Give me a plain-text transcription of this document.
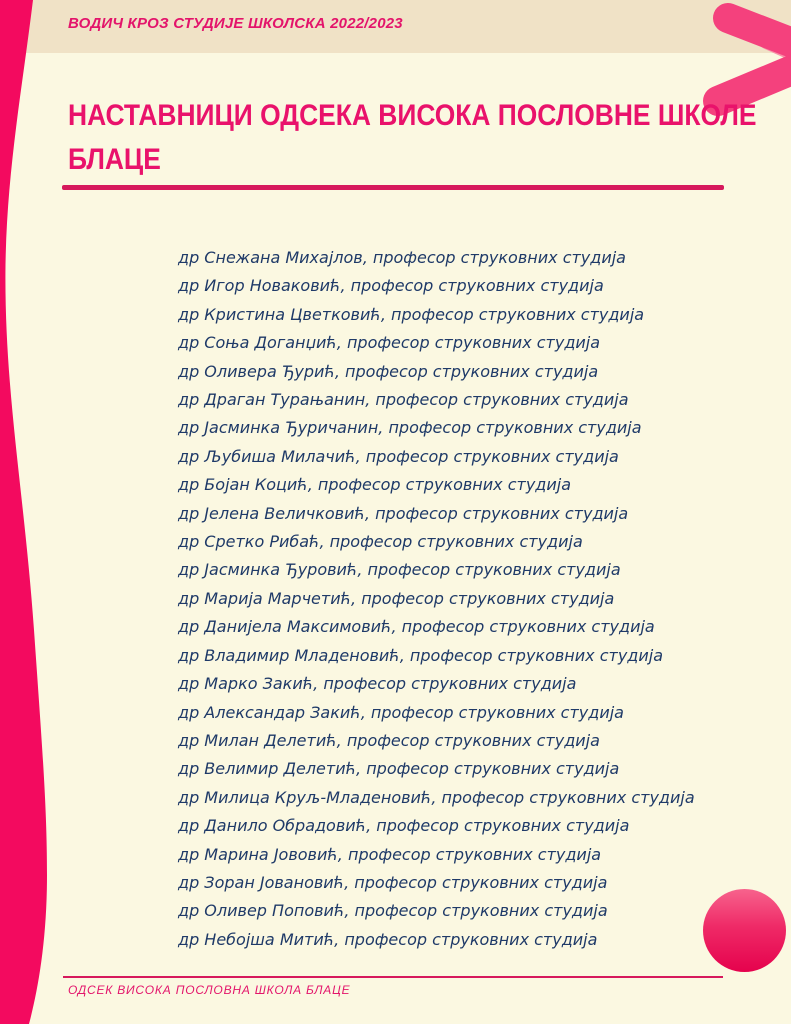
ВОДИЧ КРОЗ СТУДИЈЕ ШКОЛСКА 2022/2023
НАСТАВНИЦИ ОДСЕКА ВИСОКА ПОСЛОВНЕ ШКОЛЕ
БЛАЦЕ
др Снежана Михајлов, професор струковних студија
др Игор Новаковић, професор струковних студија
др Кристина Цветковић, професор струковних студија
др Соња Доганџић, професор струковних студија
др Оливера Ђурић, професор струковних студија
др Драган Турањанин, професор струковних студија
др Јасминка Ђуричанин, професор струковних студија
др Љубиша Милачић, професор струковних студија
др Бојан Коцић, професор струковних студија
др Јелена Величковић, професор струковних студија
др Сретко Рибаћ, професор струковних студија
др Јасминка Ђуровић, професор струковних студија
др Марија Марчетић, професор струковних студија
др Данијела Максимовић, професор струковних студија
др Владимир Младеновић, професор струковних студија
др Марко Закић, професор струковних студија
др Александар Закић, професор струковних студија
др Милан Делетић, професор струковних студија
др Велимир Делетић, професор струковних студија
др Милица Круљ-Младеновић, професор струковних студија
др Данило Обрадовић, професор струковних студија
др Марина Јововић, професор струковних студија
др Зоран Јовановић, професор струковних студија
др Оливер Поповић, професор струковних студија
др Небојша Митић, професор струковних студија
ОДСЕК ВИСОКА ПОСЛОВНА ШКОЛА БЛАЦЕ
